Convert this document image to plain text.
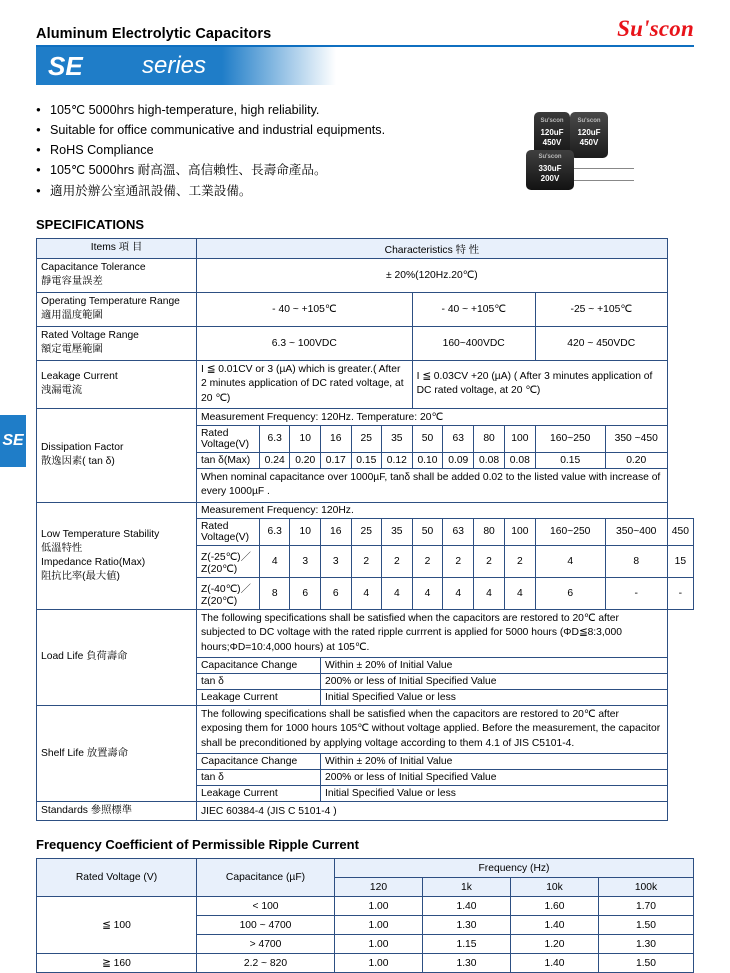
Aluminum Electrolytic Capacitors	Su'scon
SE	series
SE
● 105℃ 5000hrs high-temperature, high reliability.
● Suitable for office communicative and industrial equipments.
● RoHS Compliance
● 105℃ 5000hrs 耐高溫、高信賴性、長壽命產品。
● 適用於辦公室通訊設備、工業設備。
Su'scon
120uF
450V
Su'scon
120uF
450V
Su'scon
330uF
200V
SPECIFICATIONS
Items 項 目	Characteristics 特 性												

Capacitance Tolerance
靜電容量誤差	± 20%(120Hz.20℃)												

Operating Temperature Range
適用溫度範圍	- 40 ~ +105℃						- 40 ~ +105℃				-25 ~ +105℃		

Rated Voltage Range
額定電壓範圍	6.3 ~ 100VDC						160~400VDC				420 ~ 450VDC		

Leakage Current
洩漏電流	I ≦ 0.01CV or 3 (µA) which is greater.( After 2 minutes application of DC rated voltage, at 20 ℃)						I ≦ 0.03CV +20 (µA) ( After 3 minutes application of DC rated voltage, at 20 ℃)						

Dissipation Factor
散逸因素( tan δ)	Measurement Frequency: 120Hz. Temperature: 20℃												
	Rated Voltage(V)	6.3	10	16	25	35	50	63	80	100	160~250	350 ~450	
	tan δ(Max)	0.24	0.20	0.17	0.15	0.12	0.10	0.09	0.08	0.08	0.15	0.20	
	When nominal capacitance over 1000µF, tanδ shall be added 0.02 to the listed value with increase of every 1000µF .												

Low Temperature Stability
低溫特性
Impedance Ratio(Max)
阻抗比率(最大値)	Measurement Frequency: 120Hz.												
	Rated Voltage(V)	6.3	10	16	25	35	50	63	80	100	160~250	350~400	450
	Z(-25℃)／Z(20℃)	4	3	3	2	2	2	2	2	2	4	8	15
	Z(-40℃)／Z(20℃)	8	6	6	4	4	4	4	4	4	6	-	-
Load Life 負荷壽命	The following specifications shall be satisfied when the capacitors are restored to 20℃ after subjected to DC voltage with the rated ripple currrent is applied for 5000 hours (ΦD≦8:3,000 hours;ΦD=10:4,000 hours) at 105℃.												
	Capacitance Change			Within ± 20% of Initial Value									
	tan δ			200% or less of Initial Specified Value									
	Leakage Current			Initial Specified Value or less									
Shelf Life 放置壽命	The following specifications shall be satisfied when the capacitors are restored to 20℃ after exposing them for 1000 hours 105℃ without voltage applied. Before the measurement, the capacitor shall be preconditioned by applying voltage according to them 4.1 of JIS C5101-4.												
	Capacitance Change			Within ± 20% of Initial Value									
	tan δ			200% or less of Initial Specified Value									
	Leakage Current			Initial Specified Value or less									
Standards 參照標準	JIEC 60384-4 (JIS C 5101-4 )												
Frequency Coefficient of Permissible Ripple Current
Rated Voltage (V)	Capacitance (µF)	Frequency (Hz)			
		120	1k	10k	100k
≦ 100	< 100	1.00	1.40	1.60	1.70
	100 ~ 4700	1.00	1.30	1.40	1.50
	> 4700	1.00	1.15	1.20	1.30
≧ 160	2.2 ~ 820	1.00	1.30	1.40	1.50
